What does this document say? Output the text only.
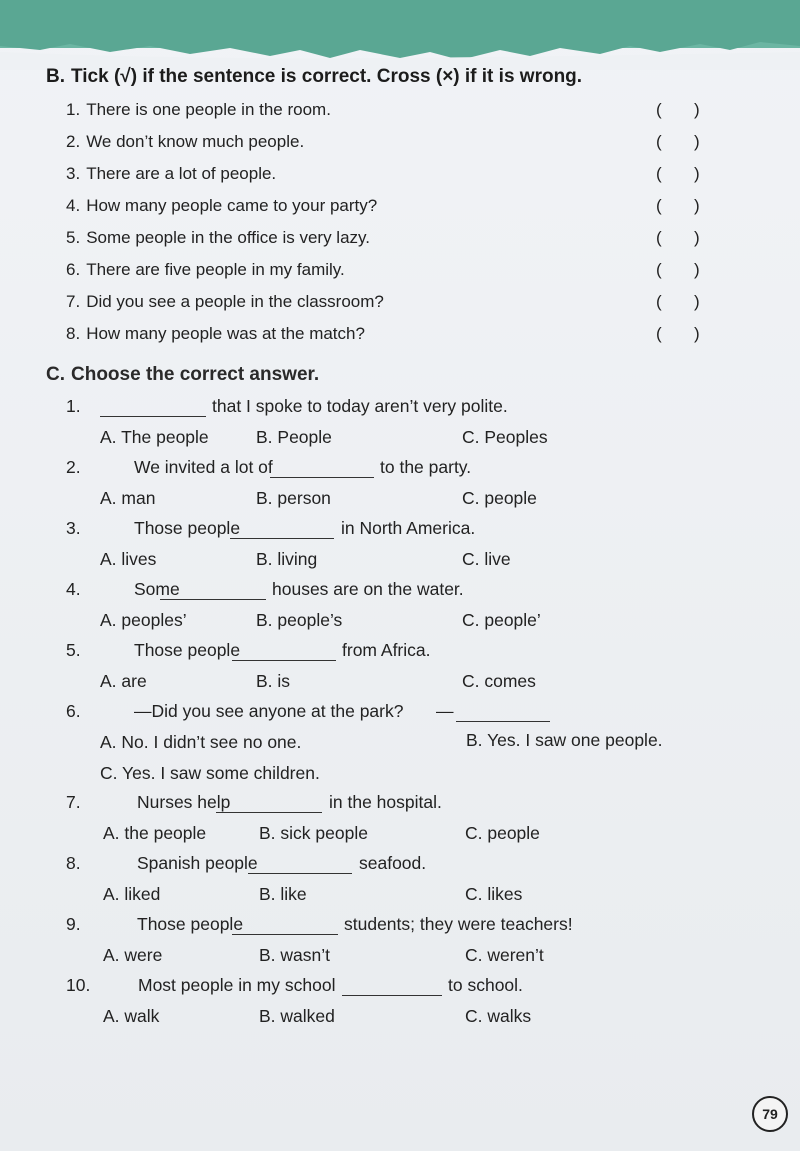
B. Tick (√) if the sentence is correct. Cross (×) if it is wrong.
1. There is one people in the room.	( )
2. We don’t know much people.	( )
3. There are a lot of people.	( )
4. How many people came to your party?	( )
5. Some people in the office is very lazy.	( )
6. There are five people in my family.	( )
7. Did you see a people in the classroom?	( )
8. How many people was at the match?	( )
C. Choose the correct answer.
1.	that I spoke to today aren’t very polite.
A. The people	B. People	C. Peoples
2.	We invited a lot of	to the party.
A. man	B. person	C. people
3.	Those people	in North America.
A. lives	B. living	C. live
4.	Some	houses are on the water.
A. peoples’	B. people’s	C. people’
5.	Those people	from Africa.
A. are	B. is	C. comes
6.	—Did you see anyone at the park? —
A. No. I didn’t see no one.	B. Yes. I saw one people.
C. Yes. I saw some children.
7.	Nurses help	in the hospital.
A. the people	B. sick people	C. people
8.	Spanish people	seafood.
A. liked	B. like	C. likes
9.	Those people	students; they were teachers!
A. were	B. wasn’t	C. weren’t
10.	Most people in my school	to school.
A. walk	B. walked	C. walks
79
